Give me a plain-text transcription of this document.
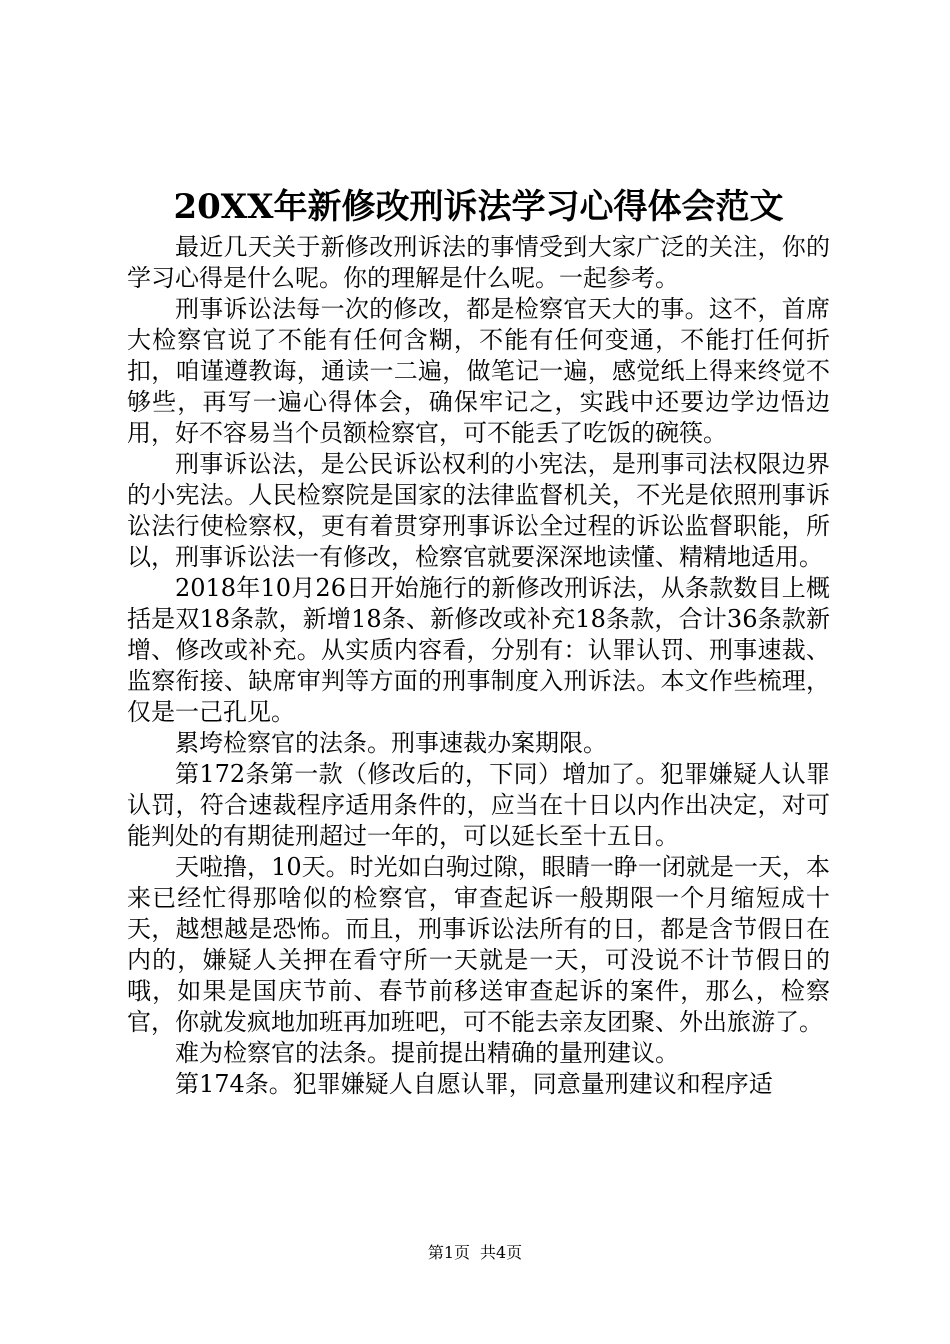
20XX年新修改刑诉法学习心得体会范文

最近几天关于新修改刑诉法的事情受到大家广泛的关注，你的学习心得是什么呢。你的理解是什么呢。一起参考。

刑事诉讼法每一次的修改，都是检察官天大的事。这不，首席大检察官说了不能有任何含糊，不能有任何变通，不能打任何折扣，咱谨遵教诲，通读一二遍，做笔记一遍，感觉纸上得来终觉不够些，再写一遍心得体会，确保牢记之，实践中还要边学边悟边用，好不容易当个员额检察官，可不能丢了吃饭的碗筷。

刑事诉讼法，是公民诉讼权利的小宪法，是刑事司法权限边界的小宪法。人民检察院是国家的法律监督机关，不光是依照刑事诉讼法行使检察权，更有着贯穿刑事诉讼全过程的诉讼监督职能，所以，刑事诉讼法一有修改，检察官就要深深地读懂、精精地适用。

2018年10月26日开始施行的新修改刑诉法，从条款数目上概括是双18条款，新增18条、新修改或补充18条款，合计36条款新增、修改或补充。从实质内容看，分别有：认罪认罚、刑事速裁、监察衔接、缺席审判等方面的刑事制度入刑诉法。本文作些梳理，仅是一己孔见。

累垮检察官的法条。刑事速裁办案期限。

第172条第一款（修改后的，下同）增加了。犯罪嫌疑人认罪认罚，符合速裁程序适用条件的，应当在十日以内作出决定，对可能判处的有期徒刑超过一年的，可以延长至十五日。

天啦撸，10天。时光如白驹过隙，眼睛一睁一闭就是一天，本来已经忙得那啥似的检察官，审查起诉一般期限一个月缩短成十天，越想越是恐怖。而且，刑事诉讼法所有的日，都是含节假日在内的，嫌疑人关押在看守所一天就是一天，可没说不计节假日的哦，如果是国庆节前、春节前移送审查起诉的案件，那么，检察官，你就发疯地加班再加班吧，可不能去亲友团聚、外出旅游了。

难为检察官的法条。提前提出精确的量刑建议。

第174条。犯罪嫌疑人自愿认罪，同意量刑建议和程序适

第1页 共4页
